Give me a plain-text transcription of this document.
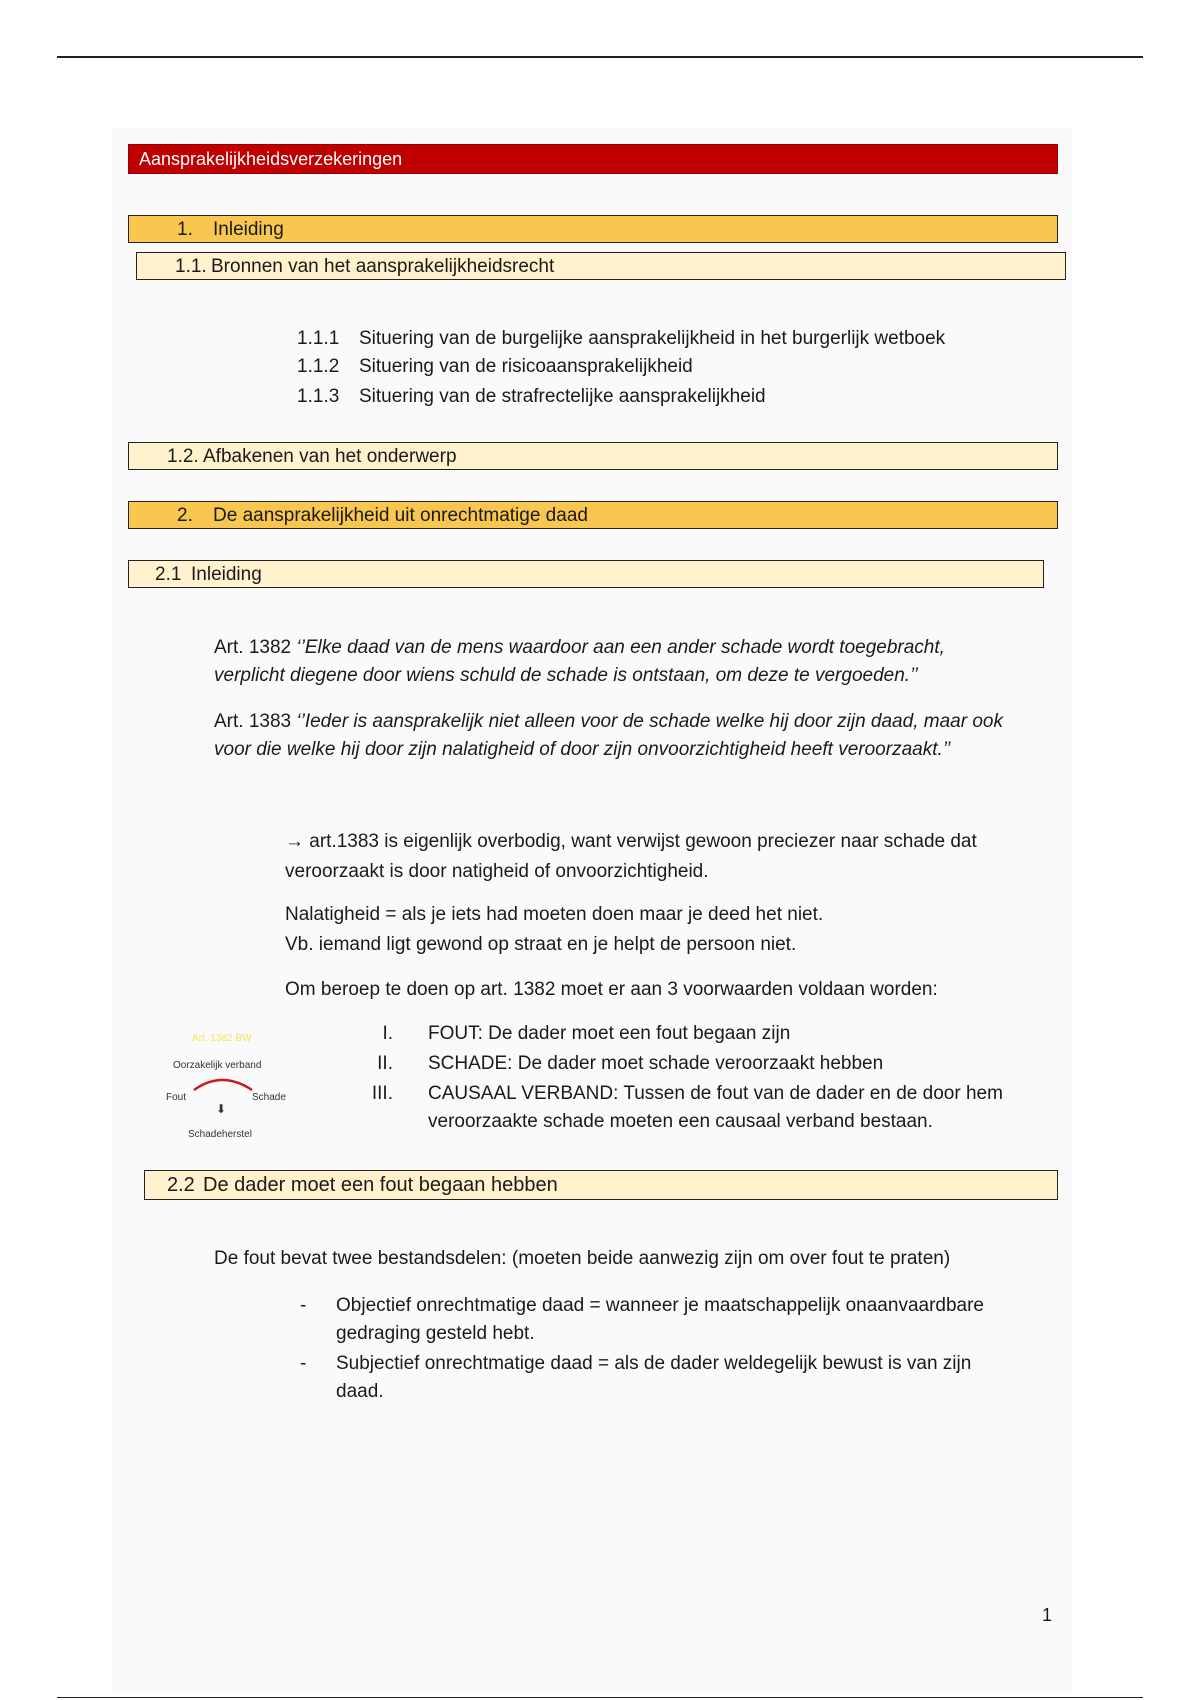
Aansprakelijkheidsverzekeringen
1.	Inleiding
1.1. Bronnen van het aansprakelijkheidsrecht
1.1.1 Situering van de burgelijke aansprakelijkheid in het burgerlijk wetboek
1.1.2 Situering van de risicoaansprakelijkheid
1.1.3 Situering van de strafrectelijke aansprakelijkheid
1.2. Afbakenen van het onderwerp
2.	De aansprakelijkheid uit onrechtmatige daad
2.1 Inleiding
Art. 1382 ‘’Elke daad van de mens waardoor aan een ander schade wordt toegebracht,
verplicht diegene door wiens schuld de schade is ontstaan, om deze te vergoeden.’’
Art. 1383 ‘’Ieder is aansprakelijk niet alleen voor de schade welke hij door zijn daad, maar ook
voor die welke hij door zijn nalatigheid of door zijn onvoorzichtigheid heeft veroorzaakt.’’
→ art.1383 is eigenlijk overbodig, want verwijst gewoon preciezer naar schade dat
veroorzaakt is door natigheid of onvoorzichtigheid.
Nalatigheid = als je iets had moeten doen maar je deed het niet.
Vb. iemand ligt gewond op straat en je helpt de persoon niet.
Om beroep te doen op art. 1382 moet er aan 3 voorwaarden voldaan worden:
I. FOUT: De dader moet een fout begaan zijn
II. SCHADE: De dader moet schade veroorzaakt hebben
III. CAUSAAL VERBAND: Tussen de fout van de dader en de door hem
veroorzaakte schade moeten een causaal verband bestaan.
Art. 1382 BW
Oorzakelijk verband
Fout	Schade
⬇
Schadeherstel
2.2 De dader moet een fout begaan hebben
De fout bevat twee bestandsdelen: (moeten beide aanwezig zijn om over fout te praten)
- Objectief onrechtmatige daad = wanneer je maatschappelijk onaanvaardbare
gedraging gesteld hebt.
- Subjectief onrechtmatige daad = als de dader weldegelijk bewust is van zijn
daad.
1
